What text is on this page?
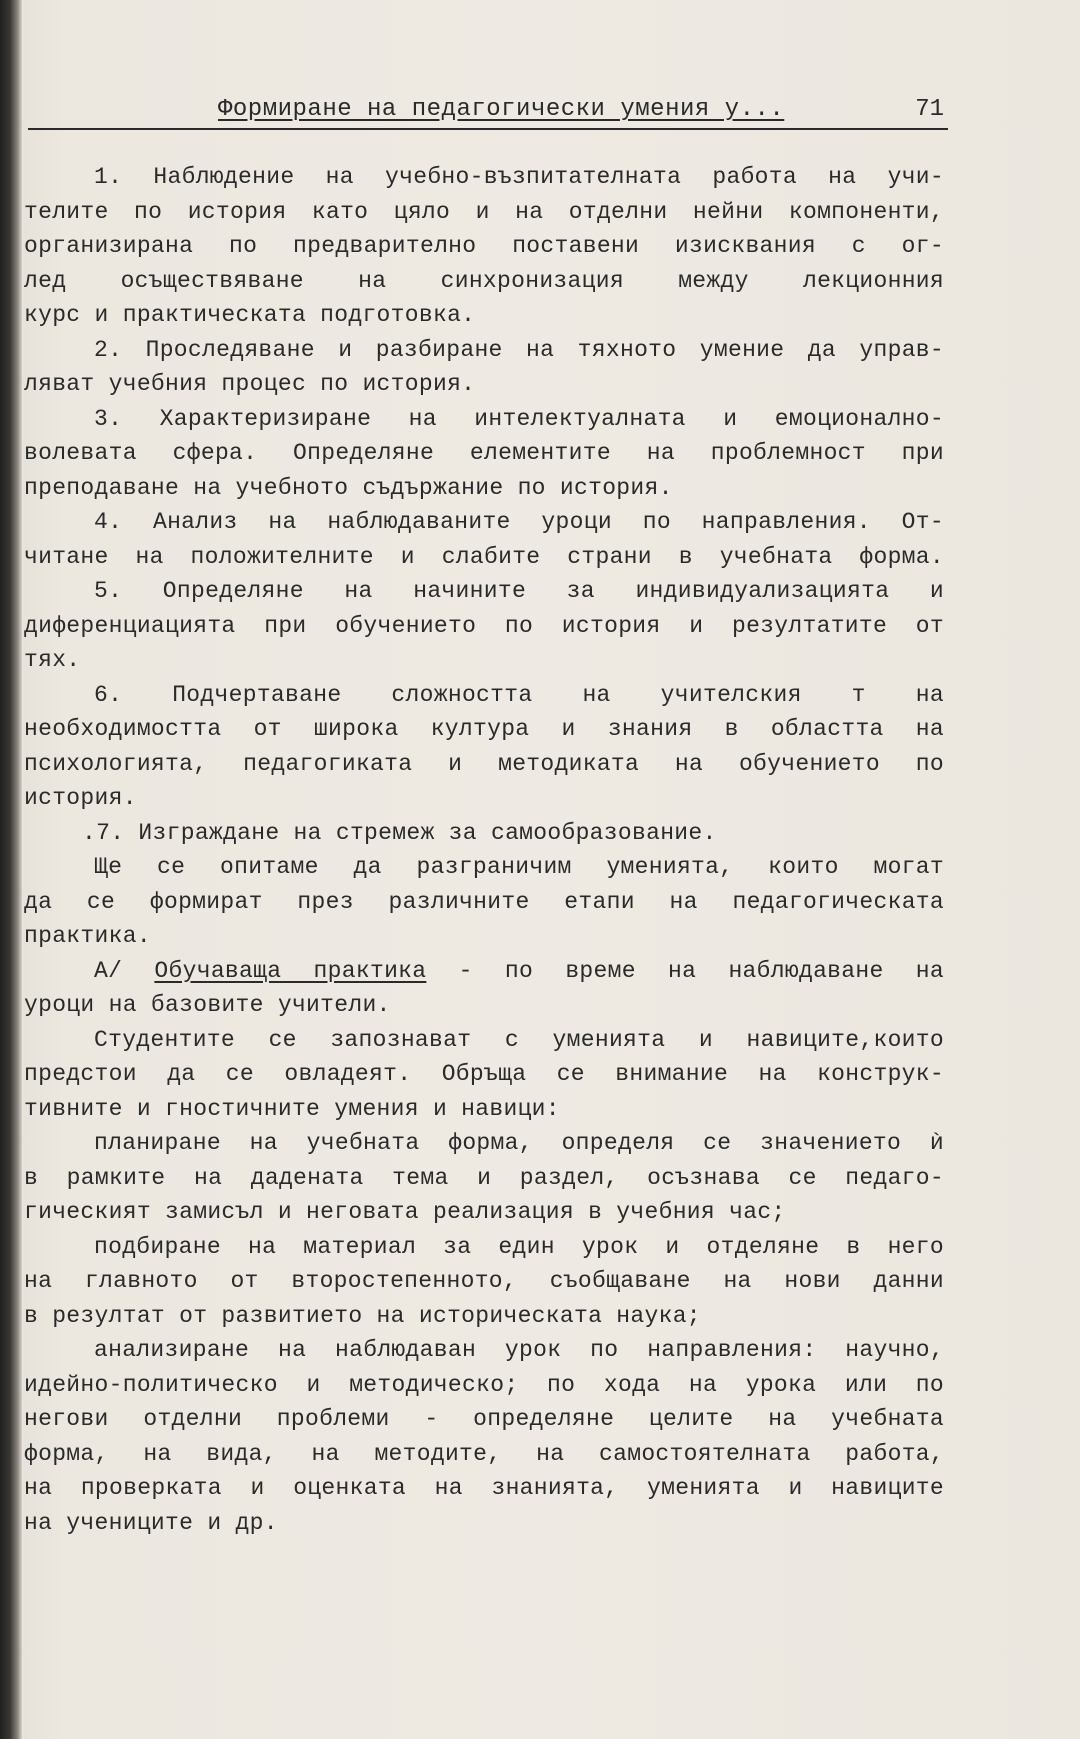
Формиране на педагогически умения у...	71
1. Наблюдение на учебно-възпитателната работа на учи-
телите по история като цяло и на отделни нейни компоненти,
организирана по предварително поставени изисквания с ог-
лед осъществяване на синхронизация между лекционния
курс и практическата подготовка.
2. Проследяване и разбиране на тяхното умение да управ-
ляват учебния процес по история.
3. Характеризиране на интелектуалната и емоционално-
волевата сфера. Определяне елементите на проблемност при
преподаване на учебното съдържание по история.
4. Анализ на наблюдаваните уроци по направления. От-
читане на положителните и слабите страни в учебната форма.
5. Определяне на начините за индивидуализацията и
диференциацията при обучението по история и резултатите от
тях.
6. Подчертаване сложността на учителския т на
необходимостта от широка култура и знания в областта на
психологията, педагогиката и методиката на обучението по
история.
.7. Изграждане на стремеж за самообразование.
Ще се опитаме да разграничим уменията, които могат
да се формират през различните етапи на педагогическата
практика.
А/ Обучаваща практика - по време на наблюдаване на
уроци на базовите учители.
Студентите се запознават с уменията и навиците,които
предстои да се овладеят. Обръща се внимание на конструк-
тивните и гностичните умения и навици:
планиране на учебната форма, определя се значението ѝ
в рамките на дадената тема и раздел, осъзнава се педаго-
гическият замисъл и неговата реализация в учебния час;
подбиране на материал за един урок и отделяне в него
на главното от второстепенното, съобщаване на нови данни
в резултат от развитието на историческата наука;
анализиране на наблюдаван урок по направления: научно,
идейно-политическо и методическо; по хода на урока или по
негови отделни проблеми - определяне целите на учебната
форма, на вида, на методите, на самостоятелната работа,
на проверката и оценката на знанията, уменията и навиците
на учениците и др.
